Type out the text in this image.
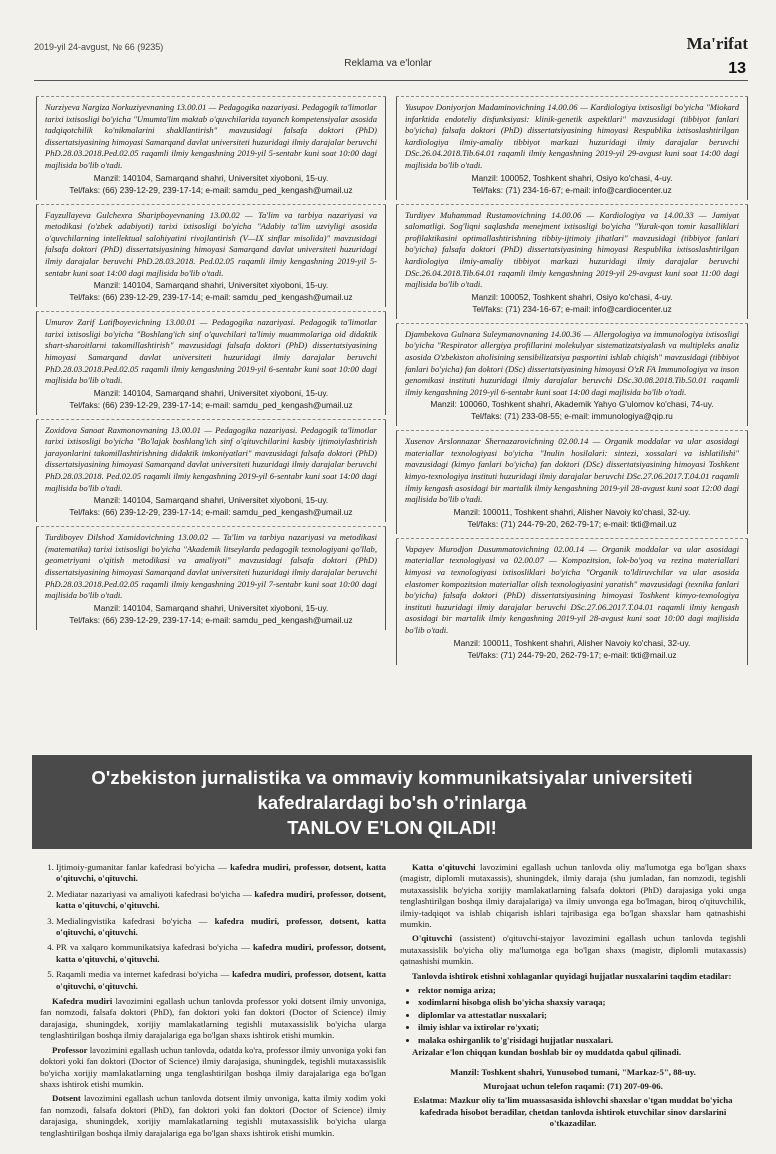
2019-yil 24-avgust, № 66 (9235)	Ma'rifat
Reklama va e'lonlar	13

Nurziyeva Nargiza Norkuziyevnaning 13.00.01 — Pedagogika nazariyasi. Pedagogik ta'limotlar tarixi ixtisosligi bo'yicha "Umumta'lim maktab o'quvchilarida tayanch kompetensiyalar asosida tadqiqotchilik ko'nikmalarini shakllantirish" mavzusidagi falsafa doktori (PhD) dissertatsiyasining himoyasi Samarqand davlat universiteti huzuridagi ilmiy darajalar beruvchi PhD.28.03.2018.Ped.02.05 raqamli ilmiy kengashning 2019-yil 5-sentabr kuni soat 10:00 dagi majlisida bo'lib o'tadi.

Manzil: 140104, Samarqand shahri, Universitet xiyoboni, 15-uy.

Tel/faks: (66) 239-12-29, 239-17-14; e-mail: samdu_ped_kengash@umail.uz

Fayzullayeva Gulchexra Sharipboyevnaning 13.00.02 — Ta'lim va tarbiya nazariyasi va metodikasi (o'zbek adabiyoti) tarixi ixtisosligi bo'yicha "Adabiy ta'lim uzviyligi asosida o'quvchilarning intellektual salohiyatini rivojlantirish (V—IX sinflar misolida)" mavzusidagi falsafa doktori (PhD) dissertatsiyasining himoyasi Samarqand davlat universiteti huzuridagi ilmiy darajalar beruvchi PhD.28.03.2018. Ped.02.05 raqamli ilmiy kengashning 2019-yil 5-sentabr kuni soat 14:00 dagi majlisida bo'lib o'tadi.

Manzil: 140104, Samarqand shahri, Universitet xiyoboni, 15-uy.

Tel/faks: (66) 239-12-29, 239-17-14; e-mail: samdu_ped_kengash@umail.uz

Umurov Zarif Latifboyevichning 13.00.01 — Pedagogika nazariyasi. Pedagogik ta'limotlar tarixi ixtisosligi bo'yicha "Boshlang'ich sinf o'quvchilari ta'limiy muammolariga oid didaktik shart-sharoitlarni takomillashtirish" mavzusidagi falsafa doktori (PhD) dissertatsiyasining himoyasi Samarqand davlat universiteti huzuridagi ilmiy darajalar beruvchi PhD.28.03.2018.Ped.02.05 raqamli ilmiy kengashning 2019-yil 6-sentabr kuni soat 10:00 dagi majlisida bo'lib o'tadi.

Manzil: 140104, Samarqand shahri, Universitet xiyoboni, 15-uy.

Tel/faks: (66) 239-12-29, 239-17-14; e-mail: samdu_ped_kengash@umail.uz

Zoxidova Sanoat Raxmonovnaning 13.00.01 — Pedagogika nazariyasi. Pedagogik ta'limotlar tarixi ixtisosligi bo'yicha "Bo'lajak boshlang'ich sinf o'qituvchilarini kasbiy ijtimoiylashtirish jarayonlarini takomillashtirishning didaktik imkoniyatlari" mavzusidagi falsafa doktori (PhD) dissertatsiyasining himoyasi Samarqand davlat universiteti huzuridagi ilmiy darajalar beruvchi PhD.28.03.2018. Ped.02.05 raqamli ilmiy kengashning 2019-yil 6-sentabr kuni soat 14:00 dagi majlisida bo'lib o'tadi.

Manzil: 140104, Samarqand shahri, Universitet xiyoboni, 15-uy.

Tel/faks: (66) 239-12-29, 239-17-14; e-mail: samdu_ped_kengash@umail.uz

Turdiboyev Dilshod Xamidovichning 13.00.02 — Ta'lim va tarbiya nazariyasi va metodikasi (matematika) tarixi ixtisosligi bo'yicha "Akademik litseylarda pedagogik texnologiyani qo'llab, geometriyani o'qitish metodikasi va amaliyoti" mavzusidagi falsafa doktori (PhD) dissertatsiyasining himoyasi Samarqand davlat universiteti huzuridagi ilmiy darajalar beruvchi PhD.28.03.2018.Ped.02.05 raqamli ilmiy kengashning 2019-yil 7-sentabr kuni soat 10:00 dagi majlisida bo'lib o'tadi.

Manzil: 140104, Samarqand shahri, Universitet xiyoboni, 15-uy.

Tel/faks: (66) 239-12-29, 239-17-14; e-mail: samdu_ped_kengash@umail.uz

Yusupov Doniyorjon Madaminovichning 14.00.06 — Kardiologiya ixtisosligi bo'yicha "Miokard infarktida endoteliy disfunksiyasi: klinik-genetik aspektlari" mavzusidagi (tibbiyot fanlari bo'yicha) falsafa doktori (PhD) dissertatsiyasining himoyasi Respublika ixtisoslashtirilgan kardiologiya ilmiy-amaliy tibbiyot markazi huzuridagi ilmiy darajalar beruvchi DSc.26.04.2018.Tib.64.01 raqamli ilmiy kengashning 2019-yil 29-avgust kuni soat 14:00 dagi majlisida bo'lib o'tadi.

Manzil: 100052, Toshkent shahri, Osiyo ko'chasi, 4-uy.

Tel/faks: (71) 234-16-67; e-mail: info@cardiocenter.uz

Turdiyev Muhammad Rustamovichning 14.00.06 — Kardiologiya va 14.00.33 — Jamiyat salomatligi. Sog'liqni saqlashda menejment ixtisosligi bo'yicha "Yurak-qon tomir kasalliklari profilaktikasini optimallashtirishning tibbiy-ijtimoiy jihatlari" mavzusidagi (tibbiyot fanlari bo'yicha) falsafa doktori (PhD) dissertatsiyasining himoyasi Respublika ixtisoslashtirilgan kardiologiya ilmiy-amaliy tibbiyot markazi huzuridagi ilmiy darajalar beruvchi DSc.26.04.2018.Tib.64.01 raqamli ilmiy kengashning 2019-yil 29-avgust kuni soat 11:00 dagi majlisida bo'lib o'tadi.

Manzil: 100052, Toshkent shahri, Osiyo ko'chasi, 4-uy.

Tel/faks: (71) 234-16-67; e-mail: info@cardiocenter.uz

Djambekova Gulnara Suleymanovnaning 14.00.36 — Allergologiya va immunologiya ixtisosligi bo'yicha "Respirator allergiya profillarini molekulyar sistematizatsiyalash va multipleks analiz asosida O'zbekiston aholisining sensibilizatsiya pasportini ishlab chiqish" mavzusidagi (tibbiyot fanlari bo'yicha) fan doktori (DSc) dissertatsiyasining himoyasi O'zR FA Immunologiya va inson genomikasi instituti huzuridagi ilmiy darajalar beruvchi DSc.30.08.2018.Tib.50.01 raqamli ilmiy kengashning 2019-yil 6-sentabr kuni soat 14:00 dagi majlisida bo'lib o'tadi.

Manzil: 100060, Toshkent shahri, Akademik Yahyo G'ulomov ko'chasi, 74-uy.

Tel/faks: (71) 233-08-55; e-mail: immunologiya@qip.ru

Xusenov Arslonnazar Shernazarovichning 02.00.14 — Organik moddalar va ular asosidagi materiallar texnologiyasi bo'yicha "Inulin hosilalari: sintezi, xossalari va ishlatilishi" mavzusidagi (kimyo fanlari bo'yicha) fan doktori (DSc) dissertatsiyasining himoyasi Toshkent kimyo-texnologiya instituti huzuridagi ilmiy darajalar beruvchi DSc.27.06.2017.T.04.01 raqamli ilmiy kengash asosidagi bir martalik ilmiy kengashning 2019-yil 28-avgust kuni soat 12:00 dagi majlisida bo'lib o'tadi.

Manzil: 100011, Toshkent shahri, Alisher Navoiy ko'chasi, 32-uy.

Tel/faks: (71) 244-79-20, 262-79-17; e-mail: tkti@mail.uz

Vapayev Murodjon Dusummatovichning 02.00.14 — Organik moddalar va ular asosidagi materiallar texnologiyasi va 02.00.07 — Kompozitsion, lok-bo'yoq va rezina materiallari kimyosi va texnologiyasi ixtisosliklari bo'yicha "Organik to'ldiruvchilar va ular asosida elastomer kompozitsion materiallar olish texnologiyasini yaratish" mavzusidagi (texnika fanlari bo'yicha) falsafa doktori (PhD) dissertatsiyasining himoyasi Toshkent kimyo-texnologiya instituti huzuridagi ilmiy darajalar beruvchi DSc.27.06.2017.T.04.01 raqamli ilmiy kengash asosidagi bir martalik ilmiy kengashning 2019-yil 28-avgust kuni soat 10:00 dagi majlisida bo'lib o'tadi.

Manzil: 100011, Toshkent shahri, Alisher Navoiy ko'chasi, 32-uy.

Tel/faks: (71) 244-79-20, 262-79-17; e-mail: tkti@mail.uz

O'zbekiston jurnalistika va ommaviy kommunikatsiyalar universiteti
kafedralardagi bo'sh o'rinlarga
TANLOV E'LON QILADI!
1. Ijtimoiy-gumanitar fanlar kafedrasi bo'yicha — kafedra mudiri, professor, dotsent, katta o'qituvchi, o'qituvchi.
2. Mediatar nazariyasi va amaliyoti kafedrasi bo'yicha — kafedra mudiri, professor, dotsent, katta o'qituvchi, o'qituvchi.
3. Medialingvistika kafedrasi bo'yicha — kafedra mudiri, professor, dotsent, katta o'qituvchi, o'qituvchi.
4. PR va xalqaro kommunikatsiya kafedrasi bo'yicha — kafedra mudiri, professor, dotsent, katta o'qituvchi, o'qituvchi.
5. Raqamli media va internet kafedrasi bo'yicha — kafedra mudiri, professor, dotsent, katta o'qituvchi, o'qituvchi.

Kafedra mudiri lavozimini egallash uchun tanlovda professor yoki dotsent ilmiy unvoniga, fan nomzodi, falsafa doktori (PhD), fan doktori yoki fan doktori (Doctor of Science) ilmiy darajasiga, shuningdek, xorijiy mamlakatlarning tegishli mutaxassislik bo'yicha ularga tenglashtirilgan boshqa ilmiy darajalariga ega bo'lgan shaxs ishtirok etishi mumkin.

Professor lavozimini egallash uchun tanlovda, odatda ko'ra, professor ilmiy unvoniga yoki fan doktori yoki fan doktori (Doctor of Science) ilmiy darajasiga, shuningdek, tegishli mutaxassislik bo'yicha xorijiy mamlakatlarning unga tenglashtirilgan boshqa ilmiy darajalariga ega bo'lgan shaxs ishtirok etishi mumkin.

Dotsent lavozimini egallash uchun tanlovda dotsent ilmiy unvoniga, katta ilmiy xodim yoki fan nomzodi, falsafa doktori (PhD), fan doktori yoki fan doktori (Doctor of Science) ilmiy darajasiga, shuningdek, xorijiy mamlakatlarning tegishli mutaxassislik bo'yicha ularga tenglashtirilgan boshqa ilmiy darajalariga ega bo'lgan shaxs ishtirok etishi mumkin.

Katta o'qituvchi lavozimini egallash uchun tanlovda oliy ma'lumotga ega bo'lgan shaxs (magistr, diplomli mutaxassis), shuningdek, ilmiy daraja (shu jumladan, fan nomzodi, tegishli mutaxassislik bo'yicha xorijiy mamlakatlarning falsafa doktori (PhD) darajasiga yoki unga tenglashtirilgan boshqa ilmiy darajalariga) va ilmiy unvonga ega bo'lmagan, biroq o'qituvchilik, ilmiy-tadqiqot va ishlab chiqarish ishlari tajribasiga ega bo'lgan shaxslar ham qatnashishi mumkin.

O'qituvchi (assistent) o'qituvchi-stajyor lavozimini egallash uchun tanlovda tegishli mutaxassislik bo'yicha oliy ma'lumotga ega bo'lgan shaxs (magistr, diplomli mutaxassis) qatnashishi mumkin.

Tanlovda ishtirok etishni xohlaganlar quyidagi hujjatlar nusxalarini taqdim etadilar:

• rektor nomiga ariza;
• xodimlarni hisobga olish bo'yicha shaxsiy varaqa;
• diplomlar va attestatlar nusxalari;
• ilmiy ishlar va ixtirolar ro'yxati;
• malaka oshirganlik to'g'risidagi hujjatlar nusxalari.

Arizalar e'lon chiqqan kundan boshlab bir oy muddatda qabul qilinadi.

Manzil: Toshkent shahri, Yunusobod tumani, "Markaz-5", 88-uy.

Murojaat uchun telefon raqami: (71) 207-09-06.

Eslatma: Mazkur oliy ta'lim muassasasida ishlovchi shaxslar o'tgan muddat bo'yicha kafedrada hisobot beradilar, chetdan tanlovda ishtirok etuvchilar sinov darslarini o'tkazadilar.
